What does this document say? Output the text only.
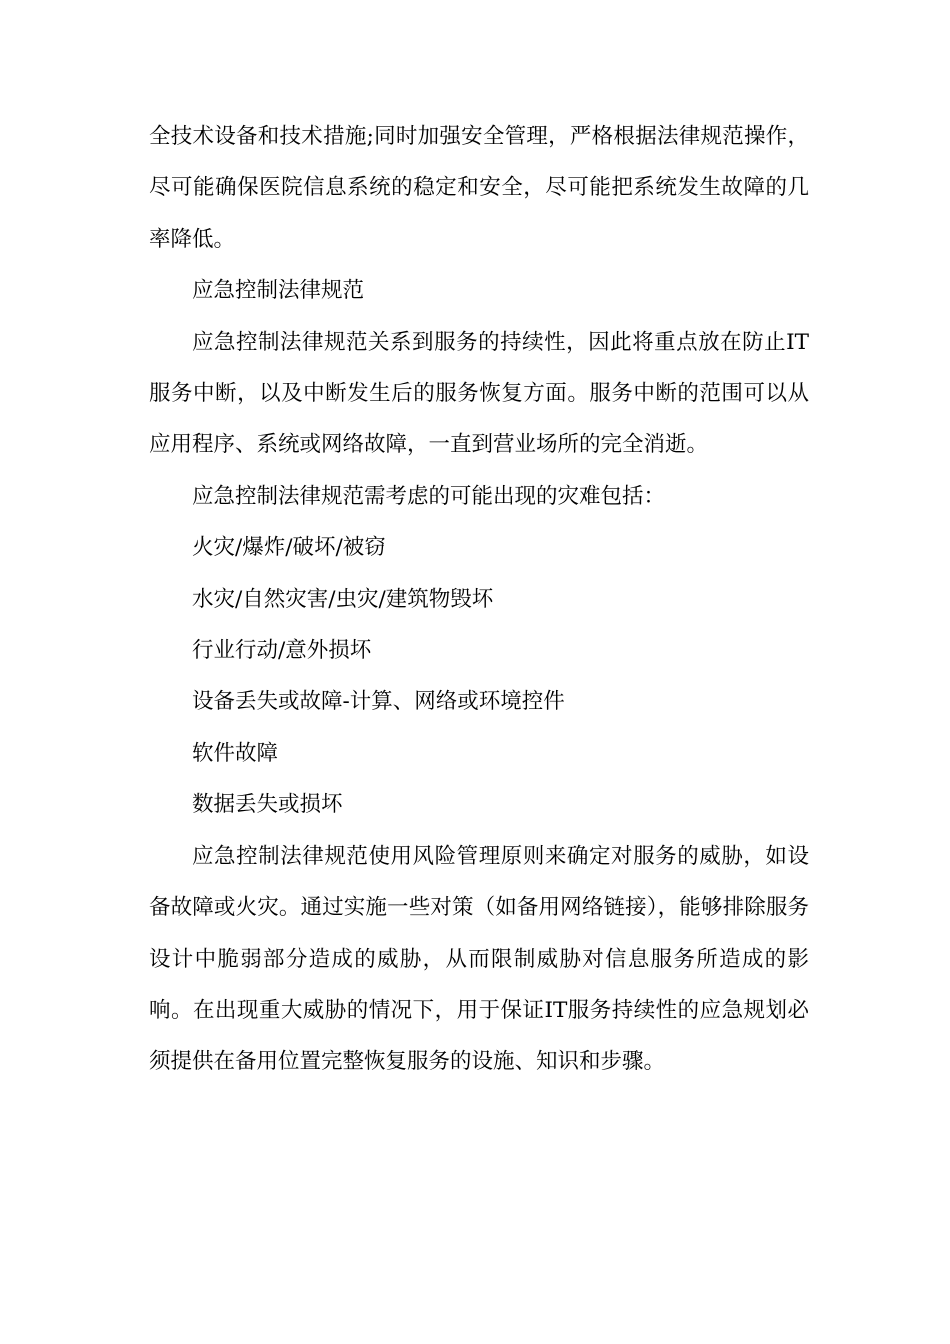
全技术设备和技术措施;同时加强安全管理，严格根据法律规范操作，尽可能确保医院信息系统的稳定和安全，尽可能把系统发生故障的几率降低。

应急控制法律规范

应急控制法律规范关系到服务的持续性，因此将重点放在防止IT服务中断，以及中断发生后的服务恢复方面。服务中断的范围可以从应用程序、系统或网络故障，一直到营业场所的完全消逝。

应急控制法律规范需考虑的可能出现的灾难包括：

火灾/爆炸/破坏/被窃

水灾/自然灾害/虫灾/建筑物毁坏

行业行动/意外损坏

设备丢失或故障-计算、网络或环境控件

软件故障

数据丢失或损坏

应急控制法律规范使用风险管理原则来确定对服务的威胁，如设备故障或火灾。通过实施一些对策（如备用网络链接），能够排除服务设计中脆弱部分造成的威胁，从而限制威胁对信息服务所造成的影响。在出现重大威胁的情况下，用于保证IT服务持续性的应急规划必须提供在备用位置完整恢复服务的设施、知识和步骤。
